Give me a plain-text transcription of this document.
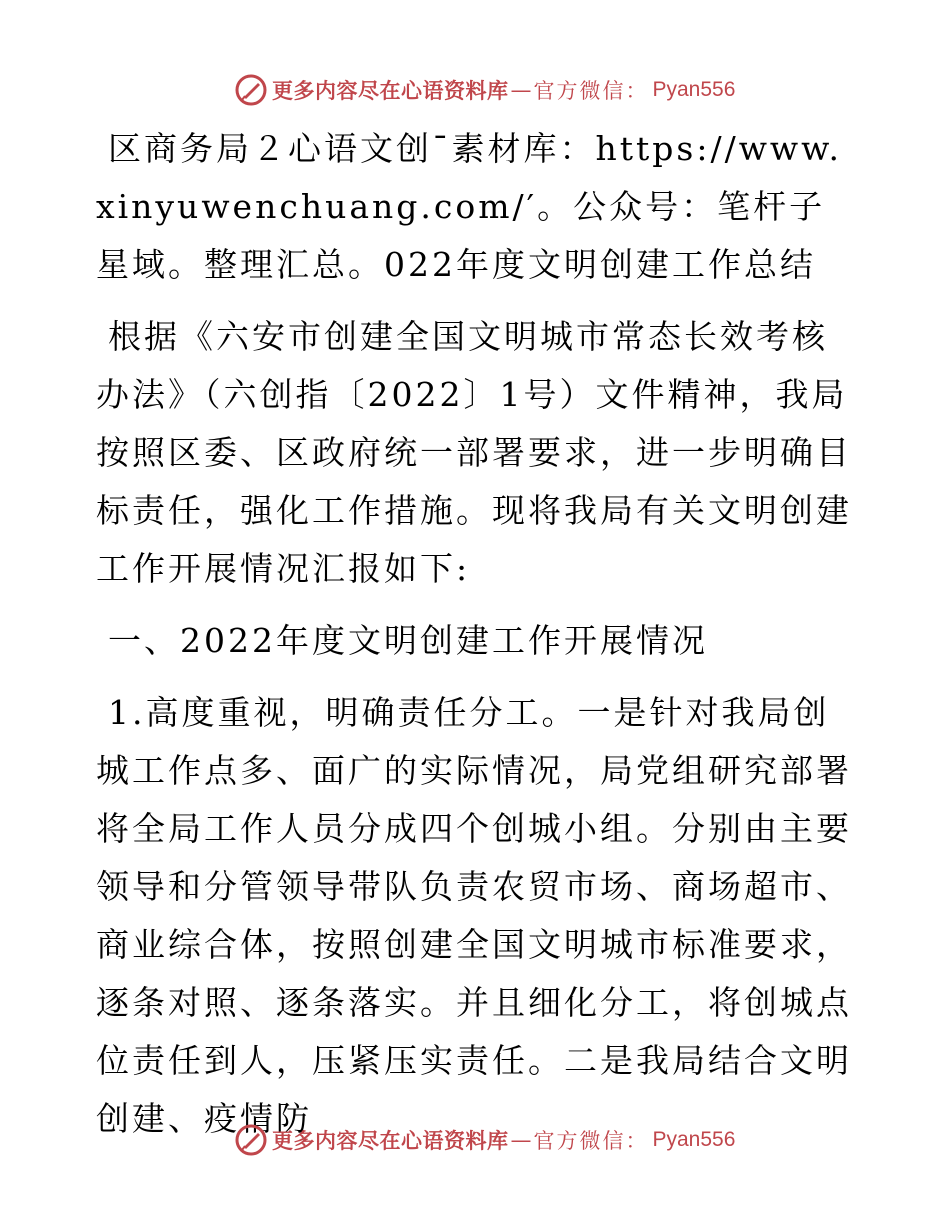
更多内容尽在心语资料库 — 官方微信： Pyan556

区商务局２心语文创¯素材库：https://www.xinyuwenchuang.com/′。公众号：笔杆子星域。整理汇总。022年度文明创建工作总结

根据《六安市创建全国文明城市常态长效考核办法》（六创指〔2022〕1号）文件精神，我局按照区委、区政府统一部署要求，进一步明确目标责任，强化工作措施。现将我局有关文明创建工作开展情况汇报如下:

一、2022年度文明创建工作开展情况

1.高度重视，明确责任分工。一是针对我局创城工作点多、面广的实际情况，局党组研究部署将全局工作人员分成四个创城小组。分别由主要领导和分管领导带队负责农贸市场、商场超市、商业综合体，按照创建全国文明城市标准要求，逐条对照、逐条落实。并且细化分工，将创城点位责任到人，压紧压实责任。二是我局结合文明创建、疫情防

更多内容尽在心语资料库 — 官方微信： Pyan556
